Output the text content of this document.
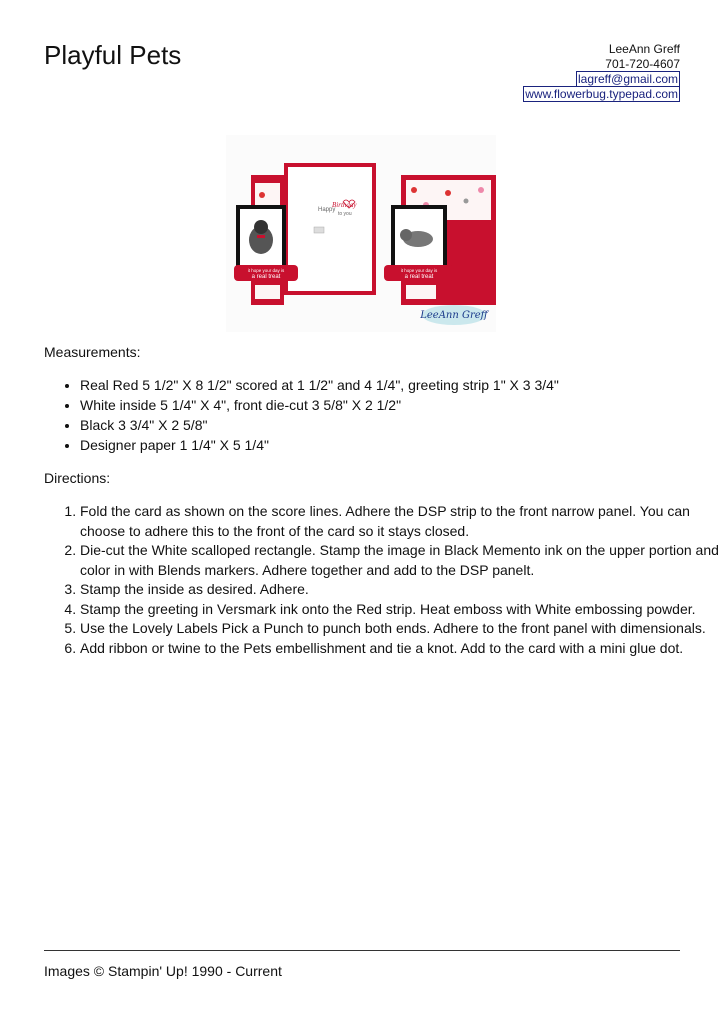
Playful Pets	LeeAnn Greff
701-720-4607
lagreff@gmail.com
www.flowerbug.typepad.com
Happy
Birthday
to you
it hope your day is
a real treat
it hope your day is
a real treat
LeeAnn Greff
Measurements:
• Real Red 5 1/2" X 8 1/2" scored at 1 1/2" and 4 1/4", greeting strip 1" X 3 3/4"
• White inside 5 1/4" X 4", front die-cut 3 5/8" X 2 1/2"
• Black 3 3/4" X 2 5/8"
• Designer paper 1 1/4" X 5 1/4"
Directions:
1. Fold the card as shown on the score lines. Adhere the DSP strip to the front narrow panel. You can choose to adhere this to the front of the card so it stays closed.
2. Die-cut the White scalloped rectangle. Stamp the image in Black Memento ink on the upper portion and color in with Blends markers. Adhere together and add to the DSP panelt.
3. Stamp the inside as desired. Adhere.
4. Stamp the greeting in Versmark ink onto the Red strip. Heat emboss with White embossing powder.
5. Use the Lovely Labels Pick a Punch to punch both ends. Adhere to the front panel with dimensionals.
6. Add ribbon or twine to the Pets embellishment and tie a knot. Add to the card with a mini glue dot.
Images © Stampin' Up! 1990 - Current
